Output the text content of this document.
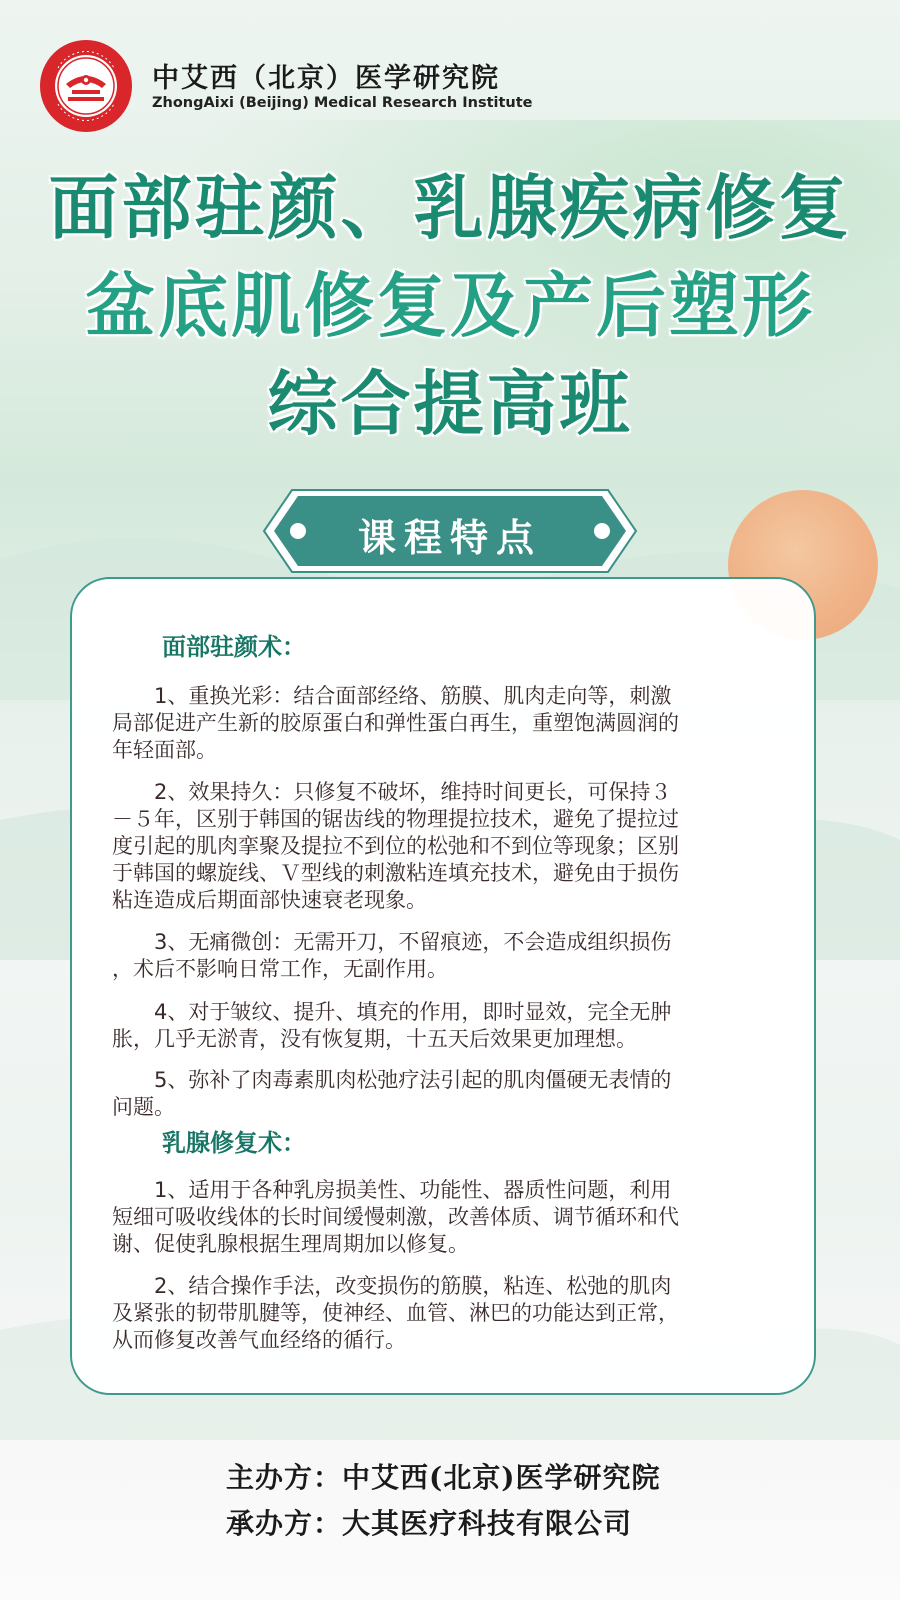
中艾西（北京）医学研究院
ZhongAixi (Beijing) Medical Research Institute
面部驻颜、乳腺疾病修复
盆底肌修复及产后塑形
综合提高班
课程特点
面部驻颜术：
　　1、重换光彩：结合面部经络、筋膜、肌肉走向等，刺激
局部促进产生新的胶原蛋白和弹性蛋白再生，重塑饱满圆润的
年轻面部。
　　2、效果持久：只修复不破坏，维持时间更长，可保持３
－５年，区别于韩国的锯齿线的物理提拉技术，避免了提拉过
度引起的肌肉挛聚及提拉不到位的松弛和不到位等现象；区别
于韩国的螺旋线、Ｖ型线的刺激粘连填充技术，避免由于损伤
粘连造成后期面部快速衰老现象。
　　3、无痛微创：无需开刀，不留痕迹，不会造成组织损伤
，术后不影响日常工作，无副作用。
　　4、对于皱纹、提升、填充的作用，即时显效，完全无肿
胀，几乎无淤青，没有恢复期，十五天后效果更加理想。
　　5、弥补了肉毒素肌肉松弛疗法引起的肌肉僵硬无表情的
问题。
乳腺修复术：
　　1、适用于各种乳房损美性、功能性、器质性问题，利用
短细可吸收线体的长时间缓慢刺激，改善体质、调节循环和代
谢、促使乳腺根据生理周期加以修复。
　　2、结合操作手法，改变损伤的筋膜，粘连、松弛的肌肉
及紧张的韧带肌腱等，使神经、血管、淋巴的功能达到正常，
从而修复改善气血经络的循行。
主办方：中艾西(北京)医学研究院
承办方：大其医疗科技有限公司
